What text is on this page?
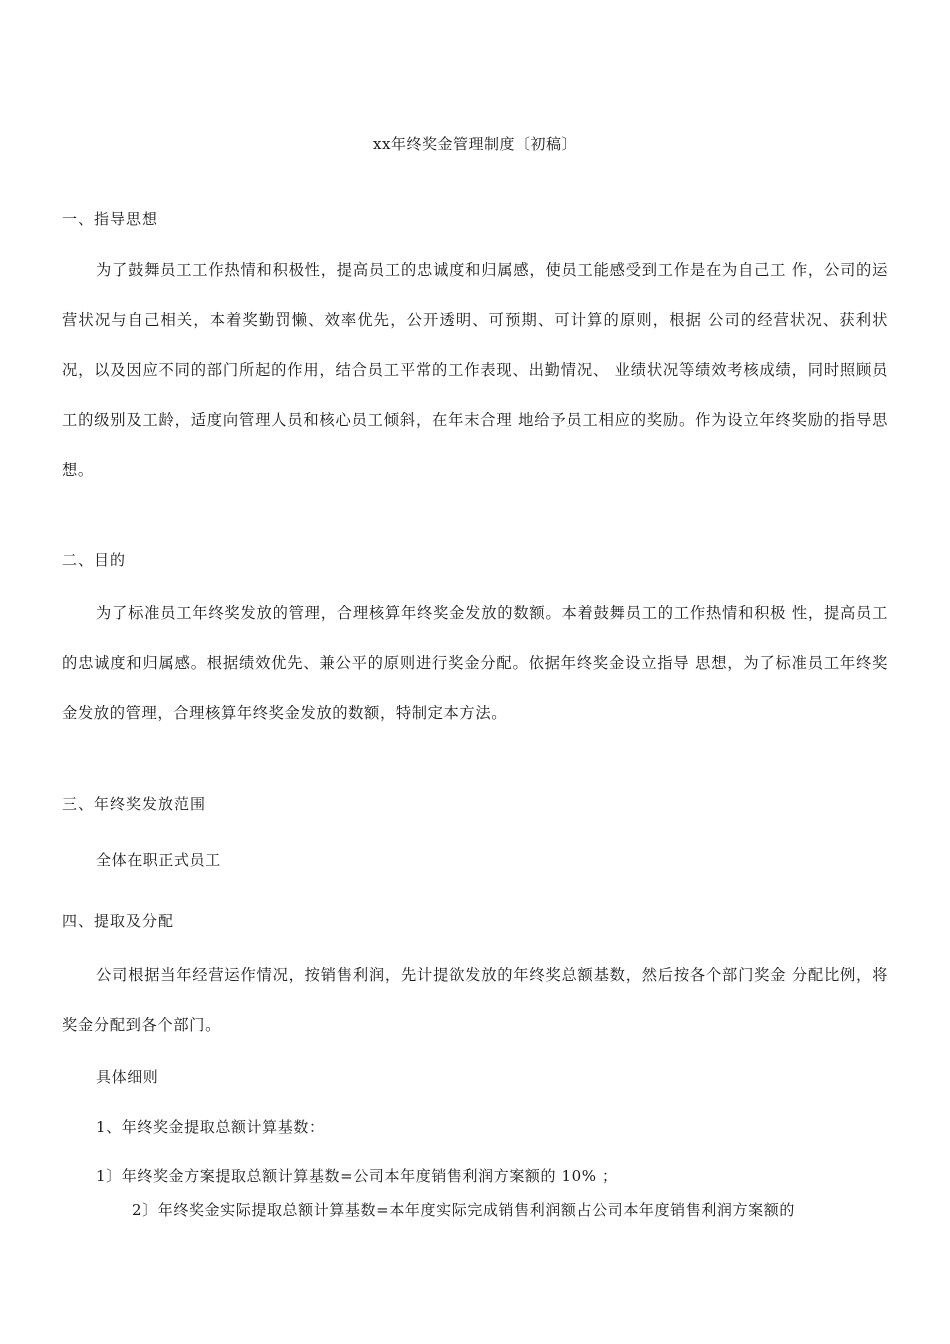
xx年终奖金管理制度〔初稿〕
一、指导思想
为了鼓舞员工工作热情和积极性，提高员工的忠诚度和归属感，使员工能感受到工作是在为自己工 作，公司的运营状况与自己相关，本着奖勤罚懒、效率优先，公开透明、可预期、可计算的原则，根据 公司的经营状况、获利状况，以及因应不同的部门所起的作用，结合员工平常的工作表现、出勤情况、 业绩状况等绩效考核成绩，同时照顾员工的级别及工龄，适度向管理人员和核心员工倾斜，在年末合理 地给予员工相应的奖励。作为设立年终奖励的指导思想。
二、目的
为了标准员工年终奖发放的管理，合理核算年终奖金发放的数额。本着鼓舞员工的工作热情和积极 性，提高员工的忠诚度和归属感。根据绩效优先、兼公平的原则进行奖金分配。依据年终奖金设立指导 思想，为了标准员工年终奖金发放的管理，合理核算年终奖金发放的数额，特制定本方法。
三、年终奖发放范围
全体在职正式员工
四、提取及分配
公司根据当年经营运作情况，按销售利润，先计提欲发放的年终奖总额基数，然后按各个部门奖金 分配比例，将奖金分配到各个部门。
具体细则
1、年终奖金提取总额计算基数：
1〕年终奖金方案提取总额计算基数=公司本年度销售利润方案额的 10% ；
2〕年终奖金实际提取总额计算基数=本年度实际完成销售利润额占公司本年度销售利润方案额的
